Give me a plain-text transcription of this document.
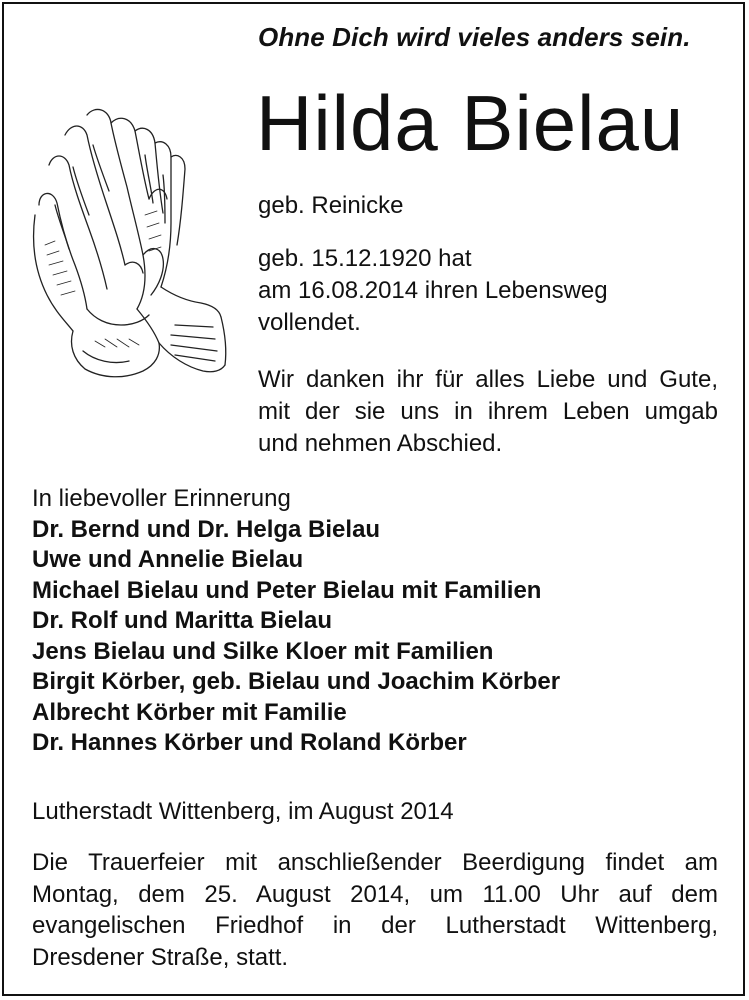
Ohne Dich wird vieles anders sein.
Hilda Bielau
geb. Reinicke
geb. 15.12.1920 hat
am 16.08.2014 ihren Lebensweg
vollendet.
Wir danken ihr für alles Liebe und Gute,
mit der sie uns in ihrem Leben umgab
und nehmen Abschied.
In liebevoller Erinnerung
Dr. Bernd und Dr. Helga Bielau
Uwe und Annelie Bielau
Michael Bielau und Peter Bielau mit Familien
Dr. Rolf und Maritta Bielau
Jens Bielau und Silke Kloer mit Familien
Birgit Körber, geb. Bielau und Joachim Körber
Albrecht Körber mit Familie
Dr. Hannes Körber und Roland Körber
Lutherstadt Wittenberg, im August 2014
Die Trauerfeier mit anschließender Beerdigung findet am
Montag, dem 25. August 2014, um 11.00 Uhr auf dem
evangelischen Friedhof in der Lutherstadt Wittenberg,
Dresdener Straße, statt.
